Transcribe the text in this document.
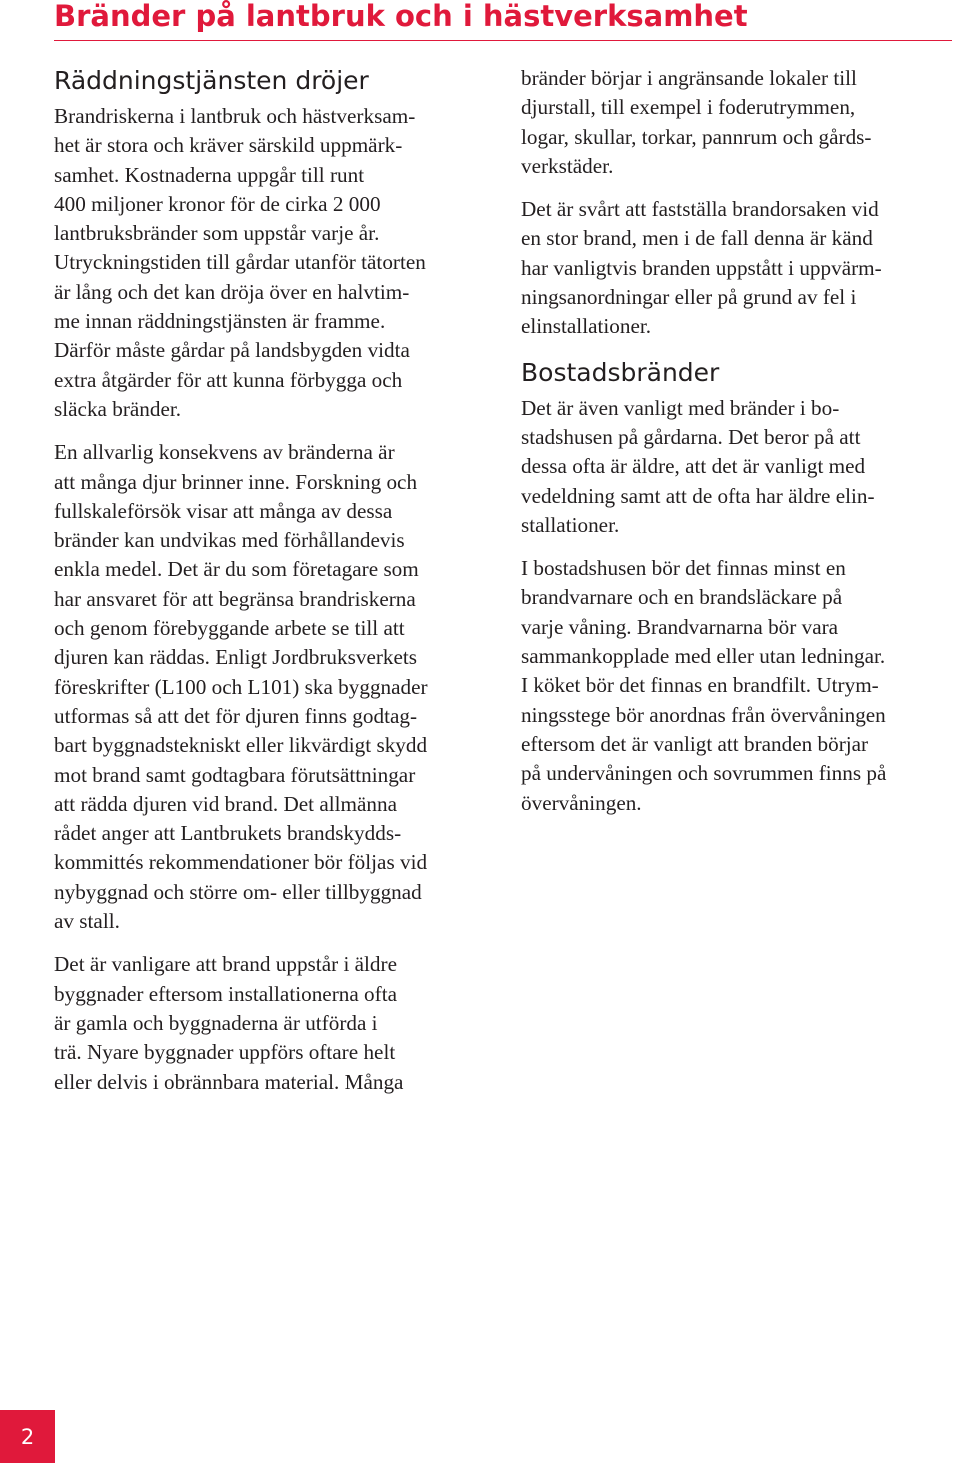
Bränder på lantbruk och i hästverksamhet
Räddningstjänsten dröjer

Brandriskerna i lantbruk och hästverksam-
het är stora och kräver särskild uppmärk-
samhet. Kostnaderna uppgår till runt
400 miljoner kronor för de cirka 2 000
lantbruksbränder som uppstår varje år.
Utryckningstiden till gårdar utanför tätorten
är lång och det kan dröja över en halvtim-
me innan räddningstjänsten är framme.
Därför måste gårdar på landsbygden vidta
extra åtgärder för att kunna förbygga och
släcka bränder.

En allvarlig konsekvens av bränderna är
att många djur brinner inne. Forskning och
fullskaleförsök visar att många av dessa
bränder kan undvikas med förhållandevis
enkla medel. Det är du som företagare som
har ansvaret för att begränsa brandriskerna
och genom förebyggande arbete se till att
djuren kan räddas. Enligt Jordbruksverkets
föreskrifter (L100 och L101) ska byggnader
utformas så att det för djuren finns godtag-
bart byggnadstekniskt eller likvärdigt skydd
mot brand samt godtagbara förutsättningar
att rädda djuren vid brand. Det allmänna
rådet anger att Lantbrukets brandskydds-
kommittés rekommendationer bör följas vid
nybyggnad och större om- eller tillbyggnad
av stall.

Det är vanligare att brand uppstår i äldre
byggnader eftersom installationerna ofta
är gamla och byggnaderna är utförda i
trä. Nyare byggnader uppförs oftare helt
eller delvis i obrännbara material. Många

bränder börjar i angränsande lokaler till
djurstall, till exempel i foderutrymmen,
logar, skullar, torkar, pannrum och gårds-
verkstäder.

Det är svårt att fastställa brandorsaken vid
en stor brand, men i de fall denna är känd
har vanligtvis branden uppstått i uppvärm-
ningsanordningar eller på grund av fel i
elinstallationer.

Bostadsbränder

Det är även vanligt med bränder i bo-
stadshusen på gårdarna. Det beror på att
dessa ofta är äldre, att det är vanligt med
vedeldning samt att de ofta har äldre elin-
stallationer.

I bostadshusen bör det finnas minst en
brandvarnare och en brandsläckare på
varje våning. Brandvarnarna bör vara
sammankopplade med eller utan ledningar.
I köket bör det finnas en brandfilt. Utrym-
ningsstege bör anordnas från övervåningen
eftersom det är vanligt att branden börjar
på undervåningen och sovrummen finns på
övervåningen.

2
